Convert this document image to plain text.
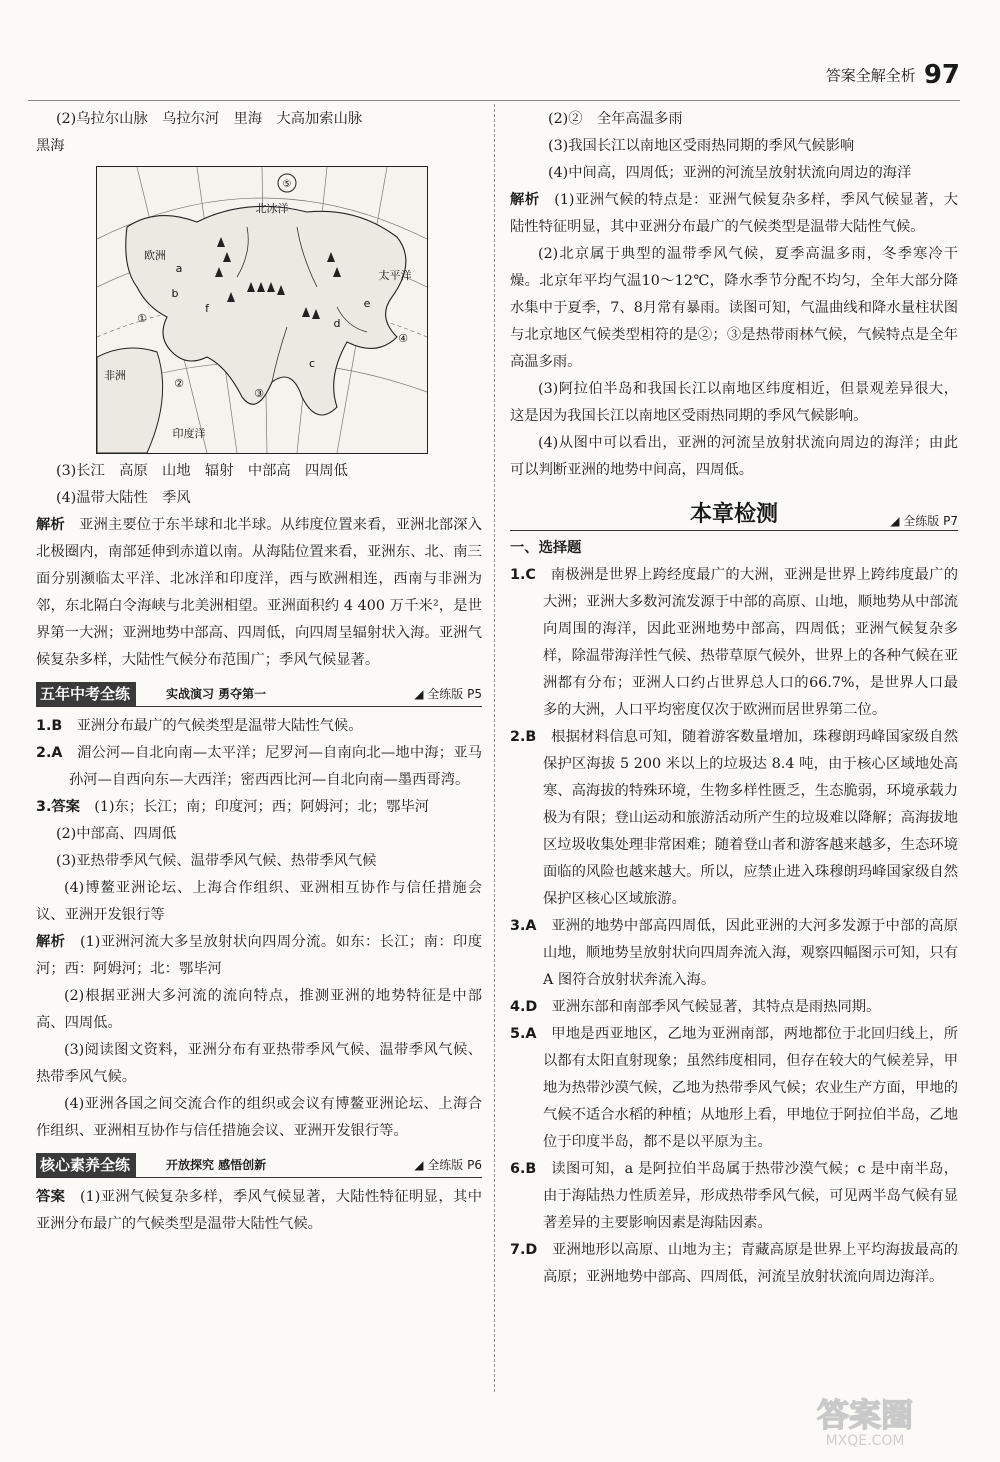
答案全解全析 97

(2)乌拉尔山脉　乌拉尔河　里海　大高加索山脉

黑海

⑤
北冰洋
欧洲
太平洋
非洲
印度洋
a
b
c
d
e
f
①
②
③
④

(3)长江　高原　山地　辐射　中部高　四周低

(4)温带大陆性　季风

解析　亚洲主要位于东半球和北半球。从纬度位置来看，亚洲北部深入北极圈内，南部延伸到赤道以南。从海陆位置来看，亚洲东、北、南三面分别濒临太平洋、北冰洋和印度洋，西与欧洲相连，西南与非洲为邻，东北隔白令海峡与北美洲相望。亚洲面积约 4 400 万千米²，是世界第一大洲；亚洲地势中部高、四周低，向四周呈辐射状入海。亚洲气候复杂多样，大陆性气候分布范围广；季风气候显著。

五年中考全练	实战演习 勇夺第一	◢ 全练版 P5

1.B　亚洲分布最广的气候类型是温带大陆性气候。

2.A　湄公河—自北向南—太平洋；尼罗河—自南向北—地中海；亚马孙河—自西向东—大西洋；密西西比河—自北向南—墨西哥湾。

3.答案　(1)东；长江；南；印度河；西；阿姆河；北；鄂毕河

(2)中部高、四周低

(3)亚热带季风气候、温带季风气候、热带季风气候

(4)博鳌亚洲论坛、上海合作组织、亚洲相互协作与信任措施会议、亚洲开发银行等

解析　(1)亚洲河流大多呈放射状向四周分流。如东：长江；南：印度河；西：阿姆河；北：鄂毕河

(2)根据亚洲大多河流的流向特点，推测亚洲的地势特征是中部高、四周低。

(3)阅读图文资料，亚洲分布有亚热带季风气候、温带季风气候、热带季风气候。

(4)亚洲各国之间交流合作的组织或会议有博鳌亚洲论坛、上海合作组织、亚洲相互协作与信任措施会议、亚洲开发银行等。

核心素养全练	开放探究 感悟创新	◢ 全练版 P6

答案　(1)亚洲气候复杂多样，季风气候显著，大陆性特征明显，其中亚洲分布最广的气候类型是温带大陆性气候。

(2)②　全年高温多雨

(3)我国长江以南地区受雨热同期的季风气候影响

(4)中间高，四周低；亚洲的河流呈放射状流向周边的海洋

解析　(1)亚洲气候的特点是：亚洲气候复杂多样，季风气候显著，大陆性特征明显，其中亚洲分布最广的气候类型是温带大陆性气候。

(2)北京属于典型的温带季风气候，夏季高温多雨，冬季寒冷干燥。北京年平均气温10～12℃，降水季节分配不均匀，全年大部分降水集中于夏季，7、8月常有暴雨。读图可知，气温曲线和降水量柱状图与北京地区气候类型相符的是②；③是热带雨林气候，气候特点是全年高温多雨。

(3)阿拉伯半岛和我国长江以南地区纬度相近，但景观差异很大，这是因为我国长江以南地区受雨热同期的季风气候影响。

(4)从图中可以看出，亚洲的河流呈放射状流向周边的海洋；由此可以判断亚洲的地势中间高，四周低。

本章检测	◢ 全练版 P7

一、选择题

1.C　南极洲是世界上跨经度最广的大洲，亚洲是世界上跨纬度最广的大洲；亚洲大多数河流发源于中部的高原、山地，顺地势从中部流向周围的海洋，因此亚洲地势中部高，四周低；亚洲气候复杂多样，除温带海洋性气候、热带草原气候外，世界上的各种气候在亚洲都有分布；亚洲人口约占世界总人口的66.7%，是世界人口最多的大洲，人口平均密度仅次于欧洲而居世界第二位。

2.B　根据材料信息可知，随着游客数量增加，珠穆朗玛峰国家级自然保护区海拔 5 200 米以上的垃圾达 8.4 吨，由于核心区域地处高寒、高海拔的特殊环境，生物多样性匮乏，生态脆弱，环境承载力极为有限；登山运动和旅游活动所产生的垃圾难以降解；高海拔地区垃圾收集处理非常困难；随着登山者和游客越来越多，生态环境面临的风险也越来越大。所以，应禁止进入珠穆朗玛峰国家级自然保护区核心区域旅游。

3.A　亚洲的地势中部高四周低，因此亚洲的大河多发源于中部的高原山地，顺地势呈放射状向四周奔流入海，观察四幅图示可知，只有 A 图符合放射状奔流入海。

4.D　亚洲东部和南部季风气候显著，其特点是雨热同期。

5.A　甲地是西亚地区，乙地为亚洲南部，两地都位于北回归线上，所以都有太阳直射现象；虽然纬度相同，但存在较大的气候差异，甲地为热带沙漠气候，乙地为热带季风气候；农业生产方面，甲地的气候不适合水稻的种植；从地形上看，甲地位于阿拉伯半岛，乙地位于印度半岛，都不是以平原为主。

6.B　读图可知，a 是阿拉伯半岛属于热带沙漠气候；c 是中南半岛，由于海陆热力性质差异，形成热带季风气候，可见两半岛气候有显著差异的主要影响因素是海陆因素。

7.D　亚洲地形以高原、山地为主；青藏高原是世界上平均海拔最高的高原；亚洲地势中部高、四周低，河流呈放射状流向周边海洋。

答案圈
MXQE.COM
